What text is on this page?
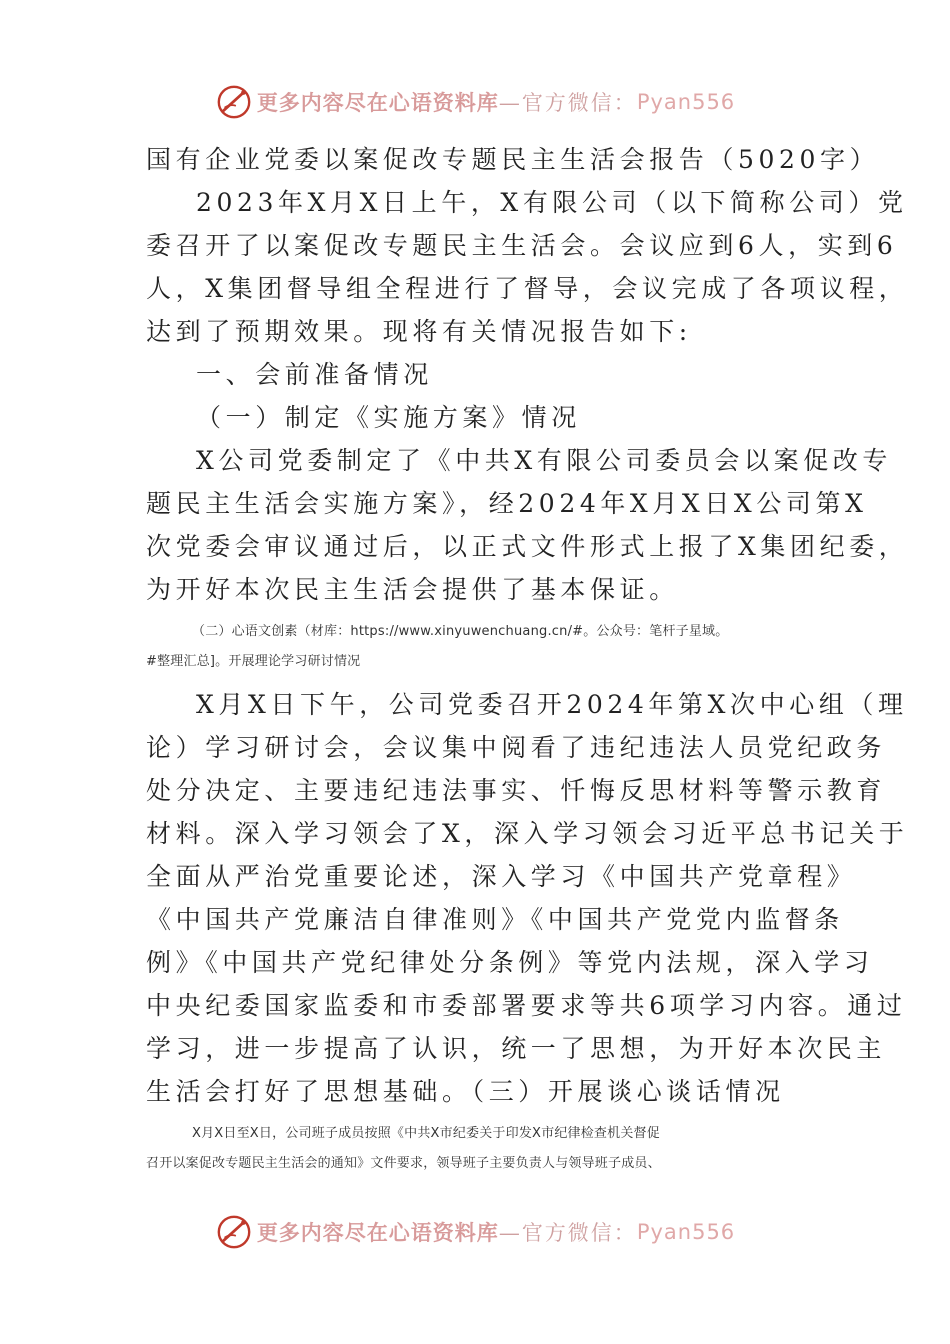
更多内容尽在心语资料库 —官方微信： Pyan556
国有企业党委以案促改专题民主生活会报告（5020字）
2023年X月X日上午，X有限公司（以下简称公司）党
委召开了以案促改专题民主生活会。会议应到6人，实到6
人，X集团督导组全程进行了督导，会议完成了各项议程，
达到了预期效果。现将有关情况报告如下:
一、会前准备情况
（一）制定《实施方案》情况
X公司党委制定了《中共X有限公司委员会以案促改专
题民主生活会实施方案》，经2024年X月X日X公司第X
次党委会审议通过后，以正式文件形式上报了X集团纪委，
为开好本次民主生活会提供了基本保证。
（二）心语文创素（材库：https://www.xinyuwenchuang.cn/#。公众号：笔杆子星域。
#整理汇总]。开展理论学习研讨情况
X月X日下午，公司党委召开2024年第X次中心组（理
论）学习研讨会，会议集中阅看了违纪违法人员党纪政务
处分决定、主要违纪违法事实、忏悔反思材料等警示教育
材料。深入学习领会了X，深入学习领会习近平总书记关于
全面从严治党重要论述，深入学习《中国共产党章程》
《中国共产党廉洁自律准则》《中国共产党党内监督条
例》《中国共产党纪律处分条例》等党内法规，深入学习
中央纪委国家监委和市委部署要求等共6项学习内容。通过
学习，进一步提高了认识，统一了思想，为开好本次民主
生活会打好了思想基础。（三）开展谈心谈话情况
X月X日至X日，公司班子成员按照《中共X市纪委关于印发X市纪律检查机关督促
召开以案促改专题民主生活会的通知》文件要求，领导班子主要负责人与领导班子成员、
更多内容尽在心语资料库 —官方微信： Pyan556
